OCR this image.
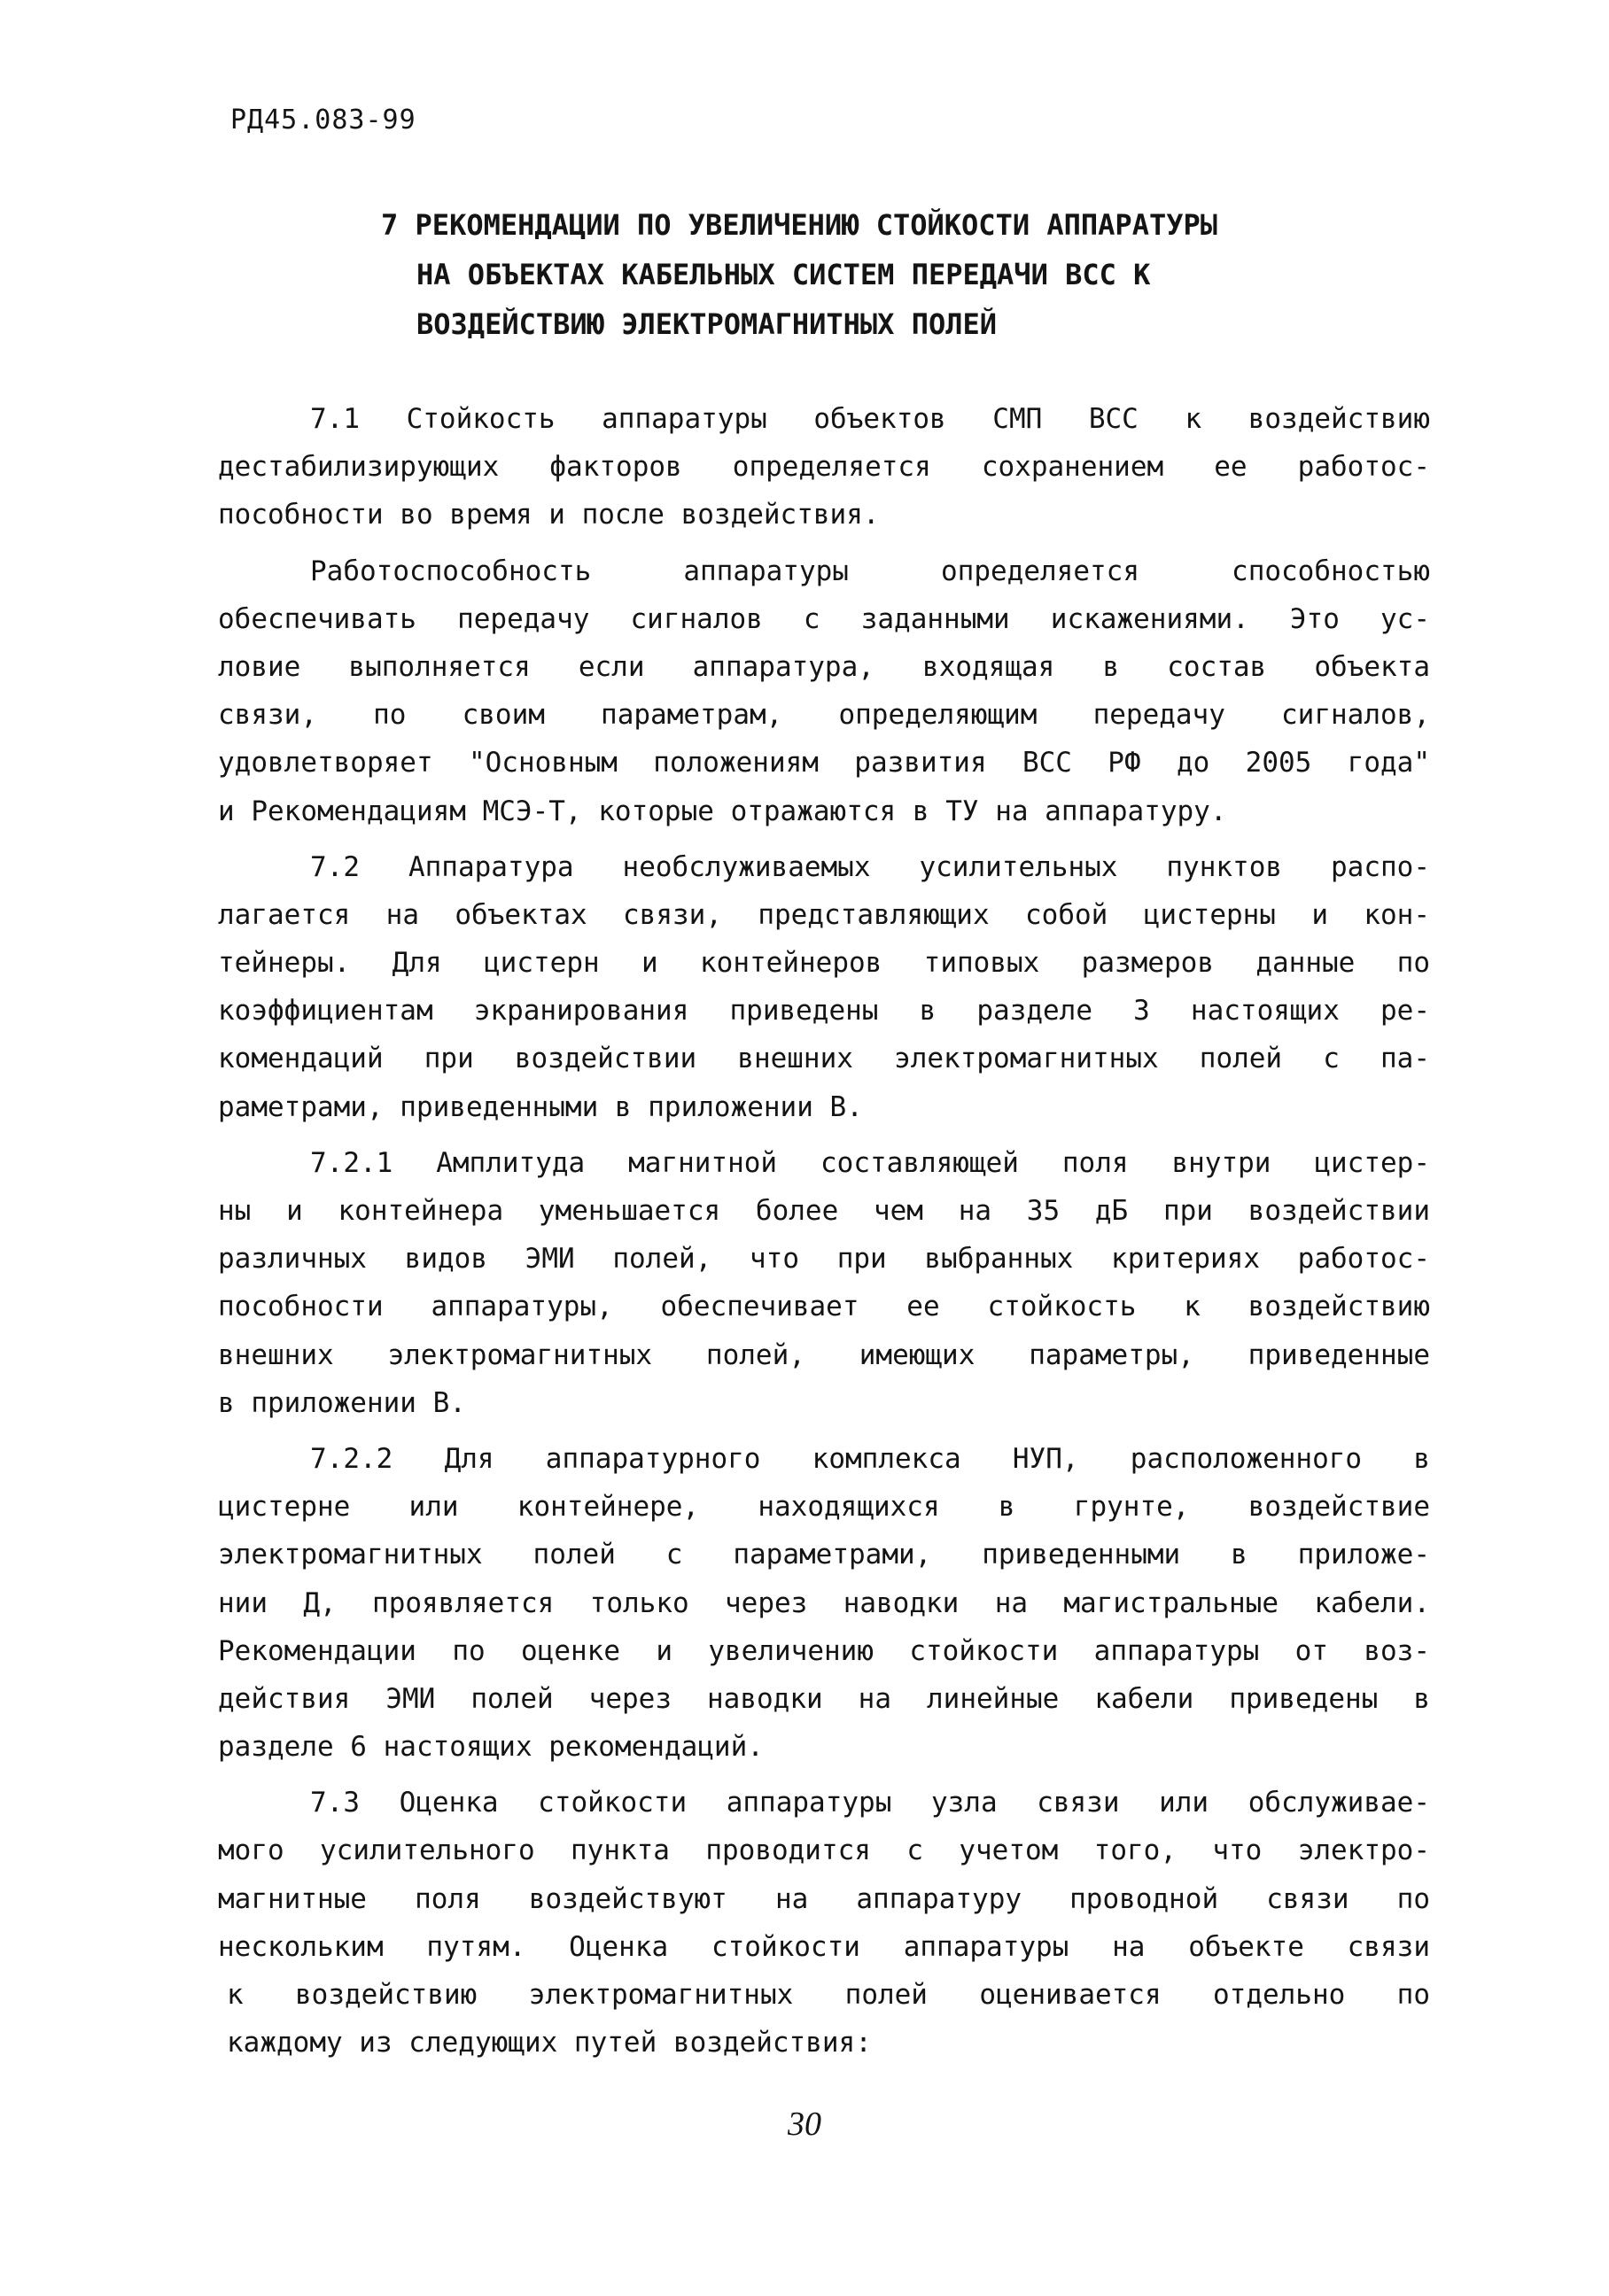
РД45.083-99

7 РЕКОМЕНДАЦИИ ПО УВЕЛИЧЕНИЮ СТОЙКОСТИ АППАРАТУРЫ
НА ОБЪЕКТАХ КАБЕЛЬНЫХ СИСТЕМ ПЕРЕДАЧИ ВСС К
ВОЗДЕЙСТВИЮ ЭЛЕКТРОМАГНИТНЫХ ПОЛЕЙ

7.1 Стойкость аппаратуры объектов СМП ВСС к воздействию
дестабилизирующих факторов определяется сохранением ее работос-
пособности во время и после воздействия.

Работоспособность аппаратуры определяется способностью
обеспечивать передачу сигналов с заданными искажениями. Это ус-
ловие выполняется если аппаратура, входящая в состав объекта
связи, по своим параметрам, определяющим передачу сигналов,
удовлетворяет "Основным положениям развития ВСС РФ до 2005 года"
и Рекомендациям МСЭ-Т, которые отражаются в ТУ на аппаратуру.

7.2 Аппаратура необслуживаемых усилительных пунктов распо-
лагается на объектах связи, представляющих собой цистерны и кон-
тейнеры. Для цистерн и контейнеров типовых размеров данные по
коэффициентам экранирования приведены в разделе 3 настоящих ре-
комендаций при воздействии внешних электромагнитных полей с па-
раметрами, приведенными в приложении В.

7.2.1 Амплитуда магнитной составляющей поля внутри цистер-
ны и контейнера уменьшается более чем на 35 дБ при воздействии
различных видов ЭМИ полей, что при выбранных критериях работос-
пособности аппаратуры, обеспечивает ее стойкость к воздействию
внешних электромагнитных полей, имеющих параметры, приведенные
в приложении В.

7.2.2 Для аппаратурного комплекса НУП, расположенного в
цистерне или контейнере, находящихся в грунте, воздействие
электромагнитных полей с параметрами, приведенными в приложе-
нии Д, проявляется только через наводки на магистральные кабели.
Рекомендации по оценке и увеличению стойкости аппаратуры от воз-
действия ЭМИ полей через наводки на линейные кабели приведены в
разделе 6 настоящих рекомендаций.

7.3 Оценка стойкости аппаратуры узла связи или обслуживае-
мого усилительного пункта проводится с учетом того, что электро-
магнитные поля воздействуют на аппаратуру проводной связи по
нескольким путям. Оценка стойкости аппаратуры на объекте связи
к воздействию электромагнитных полей оценивается отдельно по
каждому из следующих путей воздействия:

30
